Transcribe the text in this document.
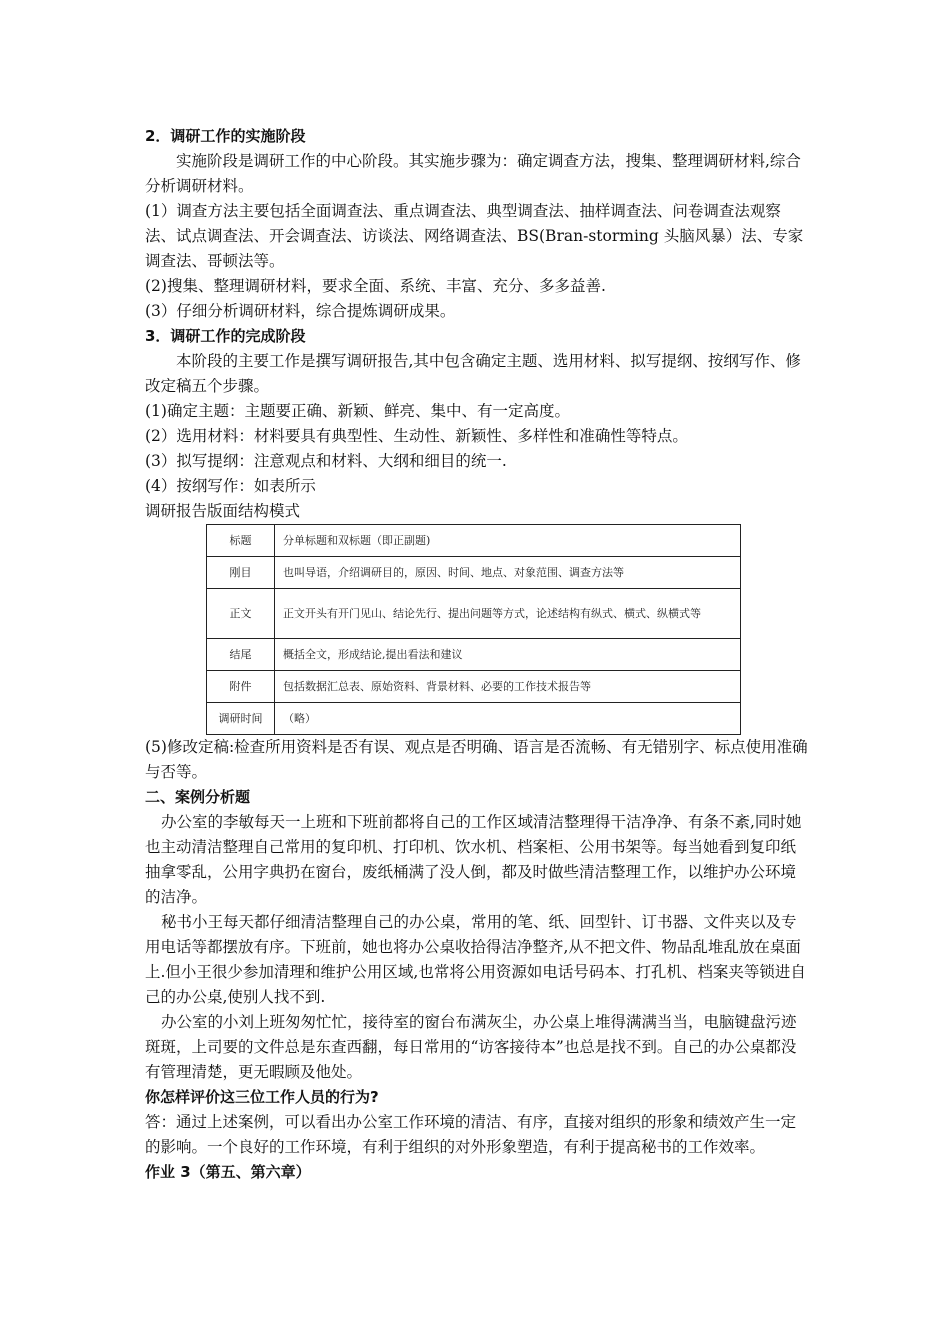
2．调研工作的实施阶段

实施阶段是调研工作的中心阶段。其实施步骤为：确定调查方法，搜集、整理调研材料,综合分析调研材料。

(1）调查方法主要包括全面调查法、重点调查法、典型调查法、抽样调查法、问卷调查法观察法、试点调查法、开会调查法、访谈法、网络调查法、BS(Bran-storming 头脑风暴）法、专家调查法、哥顿法等。

(2)搜集、整理调研材料，要求全面、系统、丰富、充分、多多益善.

(3）仔细分析调研材料，综合提炼调研成果。

3．调研工作的完成阶段

本阶段的主要工作是撰写调研报告,其中包含确定主题、选用材料、拟写提纲、按纲写作、修改定稿五个步骤。

(1)确定主题：主题要正确、新颖、鲜亮、集中、有一定高度。

(2）选用材料：材料要具有典型性、生动性、新颖性、多样性和准确性等特点。

(3）拟写提纲：注意观点和材料、大纲和细目的统一.

(4）按纲写作：如表所示

调研报告版面结构模式

标题	分单标题和双标题（即正副题)
刚目	也叫导语，介绍调研目的，原因、时间、地点、对象范围、调查方法等
正文	正文开头有开门见山、结论先行、提出问题等方式，论述结构有纵式、横式、纵横式等
结尾	概括全文，形成结论,提出看法和建议
附件	包括数据汇总表、原始资料、背景材料、必要的工作技术报告等
调研时间	（略）

(5)修改定稿:检查所用资料是否有误、观点是否明确、语言是否流畅、有无错别字、标点使用准确与否等。

二、案例分析题

办公室的李敏每天一上班和下班前都将自己的工作区域清洁整理得干洁净净、有条不紊,同时她也主动清洁整理自己常用的复印机、打印机、饮水机、档案柜、公用书架等。每当她看到复印纸抽拿零乱，公用字典扔在窗台，废纸桶满了没人倒，都及时做些清洁整理工作，以维护办公环境的洁净。

秘书小王每天都仔细清洁整理自己的办公桌，常用的笔、纸、回型针、订书器、文件夹以及专用电话等都摆放有序。下班前，她也将办公桌收拾得洁净整齐,从不把文件、物品乱堆乱放在桌面上.但小王很少参加清理和维护公用区域,也常将公用资源如电话号码本、打孔机、档案夹等锁进自己的办公桌,使别人找不到.

办公室的小刘上班匆匆忙忙，接待室的窗台布满灰尘，办公桌上堆得满满当当，电脑键盘污迹斑斑，上司要的文件总是东查西翻，每日常用的“访客接待本”也总是找不到。自己的办公桌都没有管理清楚，更无暇顾及他处。

你怎样评价这三位工作人员的行为?

答：通过上述案例，可以看出办公室工作环境的清洁、有序，直接对组织的形象和绩效产生一定的影响。一个良好的工作环境，有利于组织的对外形象塑造，有利于提高秘书的工作效率。

作业 3（第五、第六章）
